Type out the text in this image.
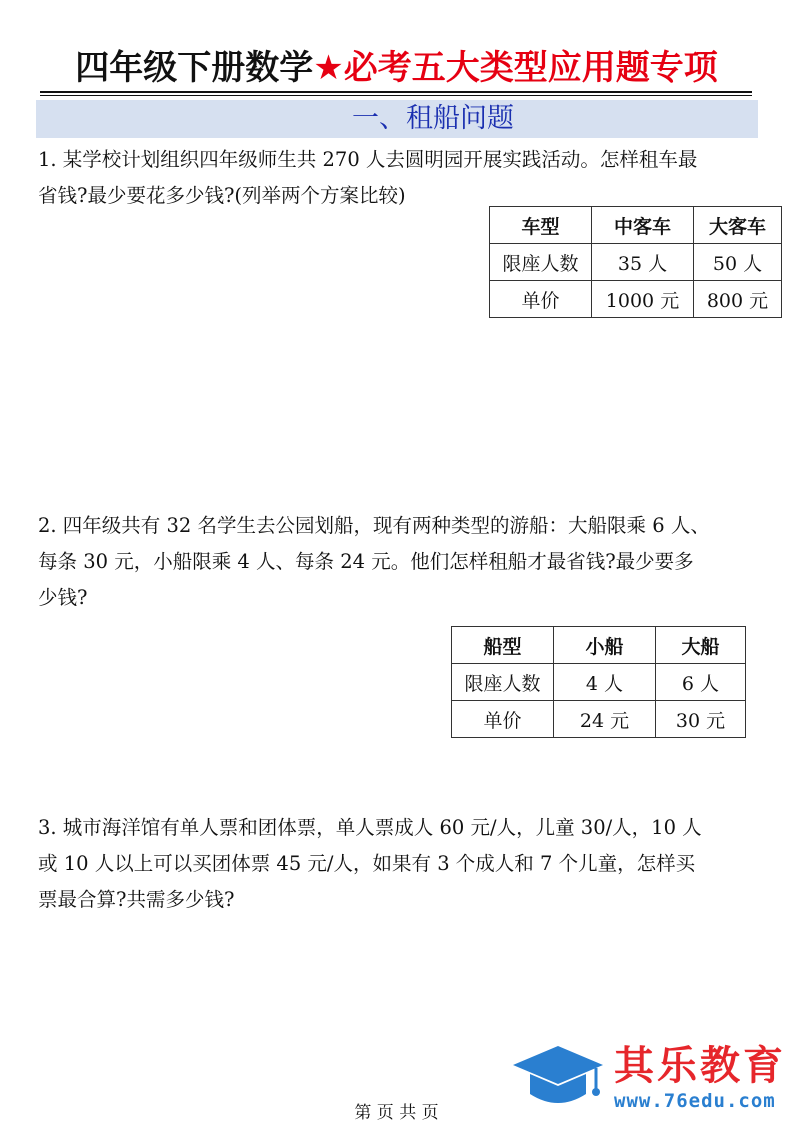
四年级下册数学★必考五大类型应用题专项
一、租船问题
1. 某学校计划组织四年级师生共 270 人去圆明园开展实践活动。怎样租车最
省钱?最少要花多少钱?(列举两个方案比较)
车型	中客车	大客车
限座人数	35 人	50 人
单价	1000 元	800 元
2. 四年级共有 32 名学生去公园划船，现有两种类型的游船：大船限乘 6 人、
每条 30 元，小船限乘 4 人、每条 24 元。他们怎样租船才最省钱?最少要多
少钱?
船型	小船	大船
限座人数	4 人	6 人
单价	24 元	30 元
3. 城市海洋馆有单人票和团体票，单人票成人 60 元/人，儿童 30/人，10 人
或 10 人以上可以买团体票 45 元/人，如果有 3 个成人和 7 个儿童，怎样买
票最合算?共需多少钱?
其乐教育
www.76edu.com
第 页 共 页
